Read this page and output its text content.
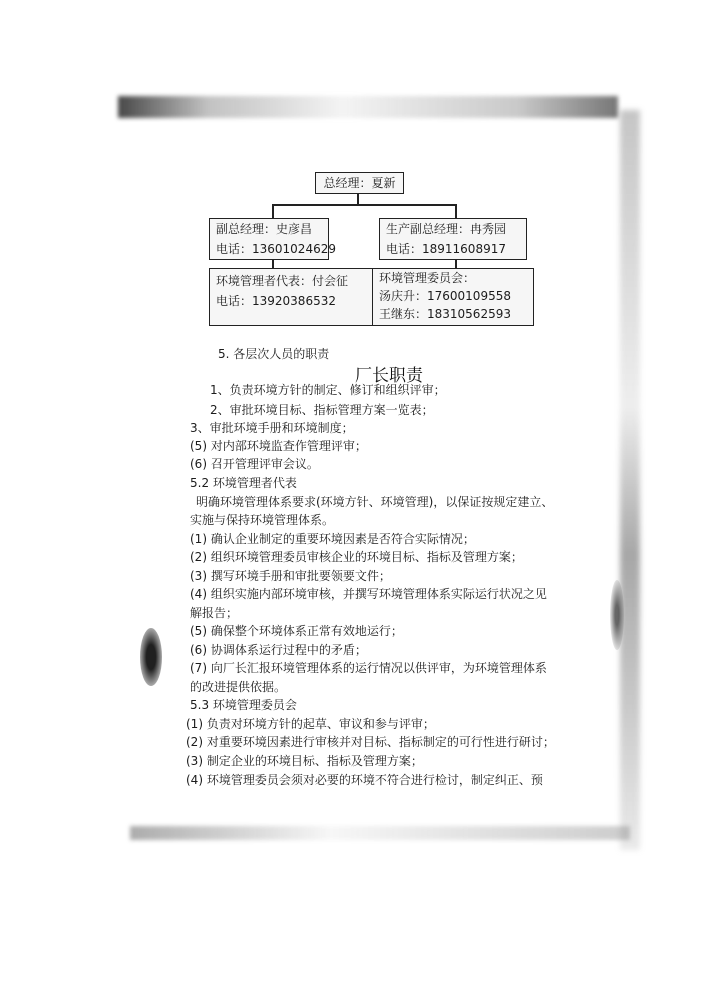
总经理：夏新
副总经理：史彦昌
电话：13601024629
生产副总经理：冉秀园
电话：18911608917
环境管理者代表：付会征
电话：13920386532
环境管理委员会：
汤庆升：17600109558
王继东：18310562593
5. 各层次人员的职责
厂长职责
1、负责环境方针的制定、修订和组织评审；
2、审批环境目标、指标管理方案一览表；
3、审批环境手册和环境制度；
(5) 对内部环境监查作管理评审；
(6) 召开管理评审会议。
5.2 环境管理者代表
明确环境管理体系要求(环境方针、环境管理)，以保证按规定建立、
实施与保持环境管理体系。
(1) 确认企业制定的重要环境因素是否符合实际情况；
(2) 组织环境管理委员审核企业的环境目标、指标及管理方案；
(3) 撰写环境手册和审批要领要文件；
(4) 组织实施内部环境审核，并撰写环境管理体系实际运行状况之见
解报告；
(5) 确保整个环境体系正常有效地运行；
(6) 协调体系运行过程中的矛盾；
(7) 向厂长汇报环境管理体系的运行情况以供评审，为环境管理体系
的改进提供依据。
5.3 环境管理委员会
(1) 负责对环境方针的起草、审议和参与评审；
(2) 对重要环境因素进行审核并对目标、指标制定的可行性进行研讨；
(3) 制定企业的环境目标、指标及管理方案；
(4) 环境管理委员会须对必要的环境不符合进行检讨，制定纠正、预
